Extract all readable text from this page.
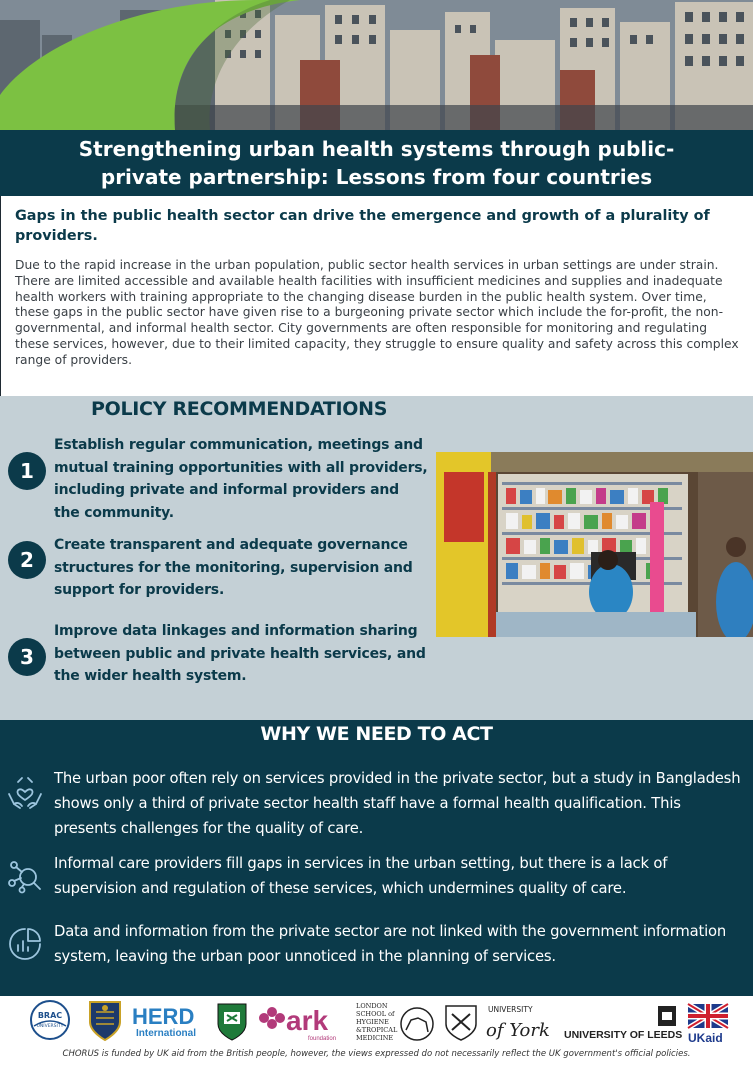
Strengthening urban health systems through public-private partnership: Lessons from four countries
Gaps in the public health sector can drive the emergence and growth of a plurality of providers.

Due to the rapid increase in the urban population, public sector health services in urban settings are under strain. There are limited accessible and available health facilities with insufficient medicines and supplies and inadequate health workers with training appropriate to the changing disease burden in the public health system. Over time, these gaps in the public sector have given rise to a burgeoning private sector which include the for-profit, the non-governmental, and informal health sector. City governments are often responsible for monitoring and regulating these services, however, due to their limited capacity, they struggle to ensure quality and safety across this complex range of providers.

POLICY RECOMMENDATIONS
1
Establish regular communication, meetings and mutual training opportunities with all providers, including private and informal providers and the community.
2
Create transparent and adequate governance structures for the monitoring, supervision and support for providers.
3
Improve data linkages and information sharing between public and private health services, and the wider health system.
WHY WE NEED TO ACT

The urban poor often rely on services provided in the private sector, but a study in Bangladesh shows only a third of private sector health staff have a formal health qualification. This presents challenges for the quality of care.

Informal care providers fill gaps in services in the urban setting, but there is a lack of supervision and regulation of these services, which undermines quality of care.

Data and information from the private sector are not linked with the government information system, leaving the urban poor unnoticed in the planning of services.

BRAC
UNIVERSITY	HERD
International	ark
foundation
LONDON
SCHOOL of
HYGIENE
&TROPICAL
MEDICINE
UNIVERSITY
of York UNIVERSITY OF LEEDS UKaid
CHORUS is funded by UK aid from the British people, however, the views expressed do not necessarily reflect the UK government's official policies.
